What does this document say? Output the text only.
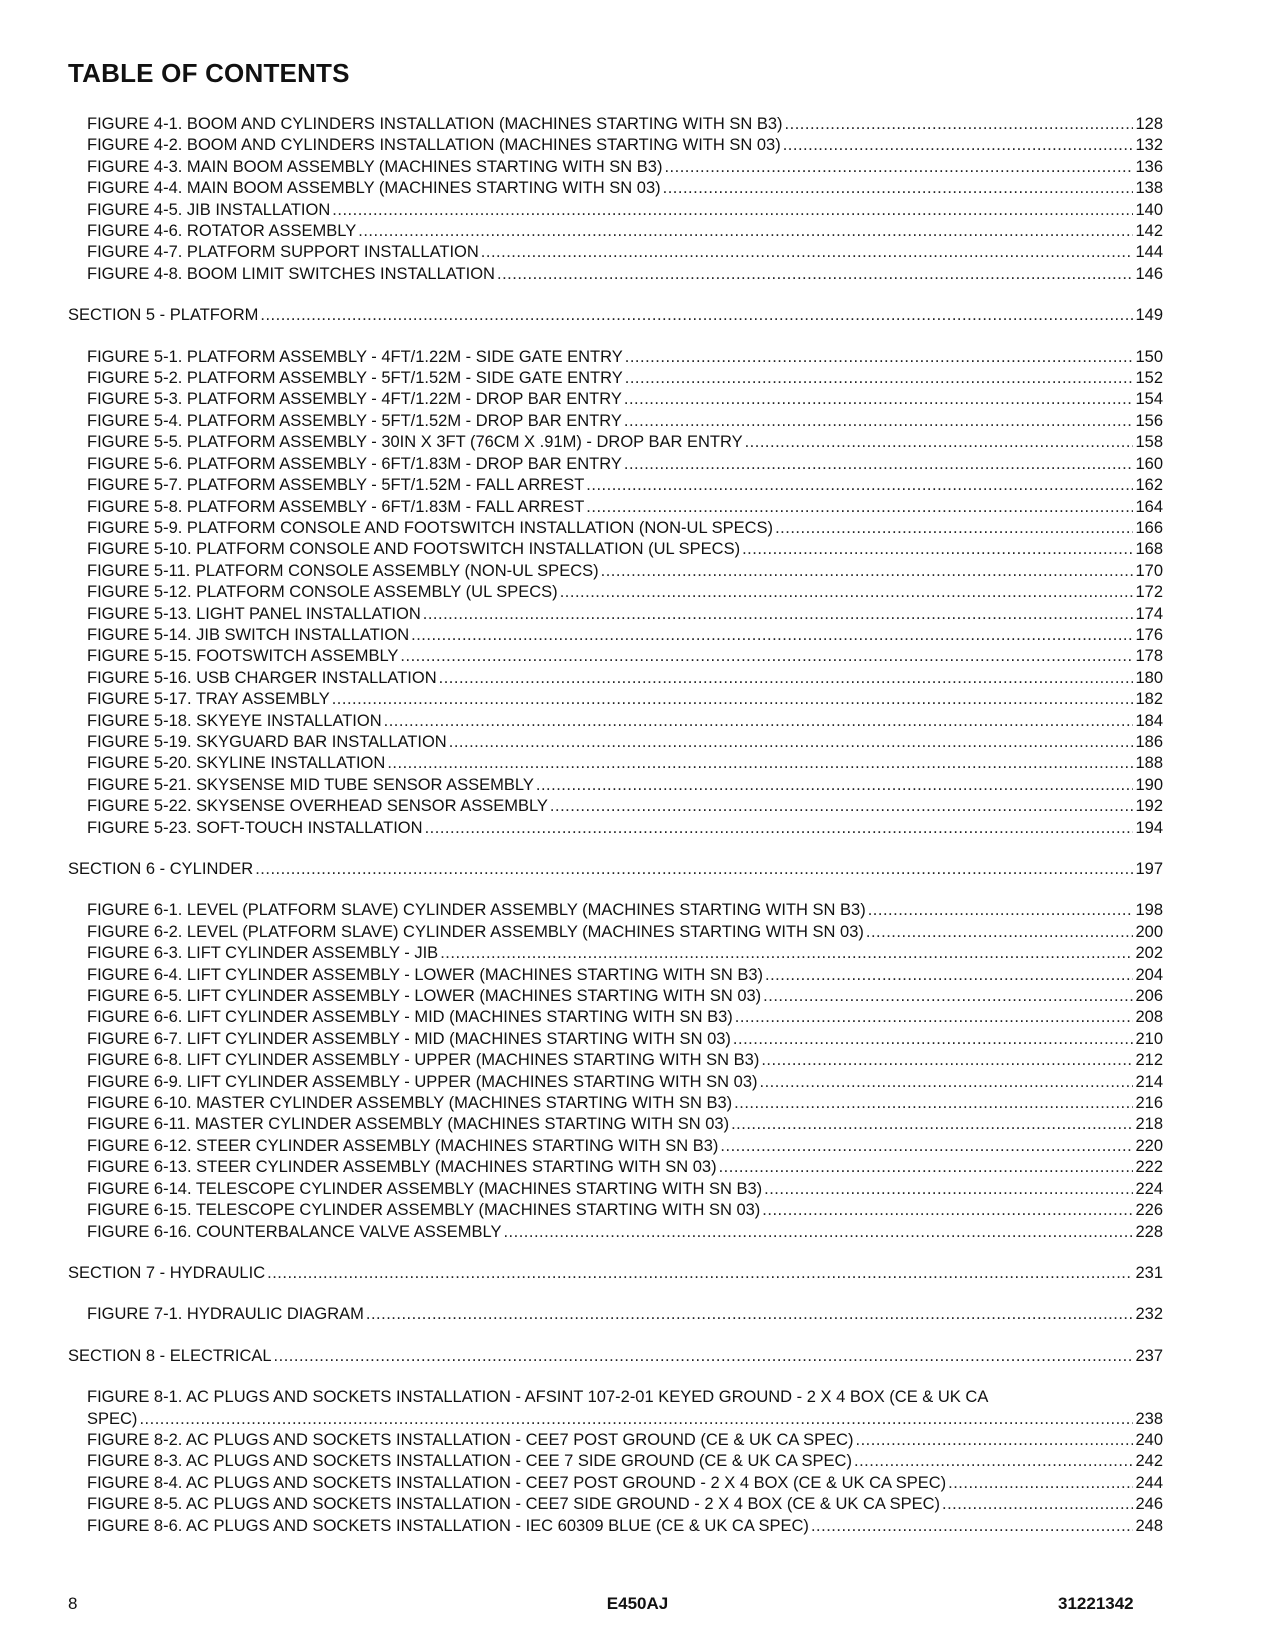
TABLE OF CONTENTS
FIGURE 4-1. BOOM AND CYLINDERS INSTALLATION (MACHINES STARTING WITH SN B3) .....	128
FIGURE 4-2. BOOM AND CYLINDERS INSTALLATION (MACHINES STARTING WITH SN 03) .....	132
FIGURE 4-3. MAIN BOOM ASSEMBLY (MACHINES STARTING WITH SN B3) .....	136
FIGURE 4-4. MAIN BOOM ASSEMBLY (MACHINES STARTING WITH SN 03) .....	138
FIGURE 4-5. JIB INSTALLATION .....	140
FIGURE 4-6. ROTATOR ASSEMBLY .....	142
FIGURE 4-7. PLATFORM SUPPORT INSTALLATION .....	144
FIGURE 4-8. BOOM LIMIT SWITCHES INSTALLATION .....	146
SECTION 5 - PLATFORM .....	149
FIGURE 5-1. PLATFORM ASSEMBLY - 4FT/1.22M - SIDE GATE ENTRY .....	150
FIGURE 5-2. PLATFORM ASSEMBLY - 5FT/1.52M - SIDE GATE ENTRY .....	152
FIGURE 5-3. PLATFORM ASSEMBLY - 4FT/1.22M - DROP BAR ENTRY .....	154
FIGURE 5-4. PLATFORM ASSEMBLY - 5FT/1.52M - DROP BAR ENTRY .....	156
FIGURE 5-5. PLATFORM ASSEMBLY - 30IN X 3FT (76CM X .91M) - DROP BAR ENTRY .....	158
FIGURE 5-6. PLATFORM ASSEMBLY - 6FT/1.83M - DROP BAR ENTRY .....	160
FIGURE 5-7. PLATFORM ASSEMBLY - 5FT/1.52M - FALL ARREST .....	162
FIGURE 5-8. PLATFORM ASSEMBLY - 6FT/1.83M - FALL ARREST .....	164
FIGURE 5-9. PLATFORM CONSOLE AND FOOTSWITCH INSTALLATION (NON-UL SPECS) .....	166
FIGURE 5-10. PLATFORM CONSOLE AND FOOTSWITCH INSTALLATION (UL SPECS) .....	168
FIGURE 5-11. PLATFORM CONSOLE ASSEMBLY (NON-UL SPECS) .....	170
FIGURE 5-12. PLATFORM CONSOLE ASSEMBLY (UL SPECS) .....	172
FIGURE 5-13. LIGHT PANEL INSTALLATION .....	174
FIGURE 5-14. JIB SWITCH INSTALLATION .....	176
FIGURE 5-15. FOOTSWITCH ASSEMBLY .....	178
FIGURE 5-16. USB CHARGER INSTALLATION .....	180
FIGURE 5-17. TRAY ASSEMBLY .....	182
FIGURE 5-18. SKYEYE INSTALLATION .....	184
FIGURE 5-19. SKYGUARD BAR INSTALLATION .....	186
FIGURE 5-20. SKYLINE INSTALLATION .....	188
FIGURE 5-21. SKYSENSE MID TUBE SENSOR ASSEMBLY .....	190
FIGURE 5-22. SKYSENSE OVERHEAD SENSOR ASSEMBLY .....	192
FIGURE 5-23. SOFT-TOUCH INSTALLATION .....	194
SECTION 6 - CYLINDER .....	197
FIGURE 6-1. LEVEL (PLATFORM SLAVE) CYLINDER ASSEMBLY (MACHINES STARTING WITH SN B3) .....	198
FIGURE 6-2. LEVEL (PLATFORM SLAVE) CYLINDER ASSEMBLY (MACHINES STARTING WITH SN 03) .....	200
FIGURE 6-3. LIFT CYLINDER ASSEMBLY - JIB .....	202
FIGURE 6-4. LIFT CYLINDER ASSEMBLY - LOWER (MACHINES STARTING WITH SN B3) .....	204
FIGURE 6-5. LIFT CYLINDER ASSEMBLY - LOWER (MACHINES STARTING WITH SN 03) .....	206
FIGURE 6-6. LIFT CYLINDER ASSEMBLY - MID (MACHINES STARTING WITH SN B3) .....	208
FIGURE 6-7. LIFT CYLINDER ASSEMBLY - MID (MACHINES STARTING WITH SN 03) .....	210
FIGURE 6-8. LIFT CYLINDER ASSEMBLY - UPPER (MACHINES STARTING WITH SN B3) .....	212
FIGURE 6-9. LIFT CYLINDER ASSEMBLY - UPPER (MACHINES STARTING WITH SN 03) .....	214
FIGURE 6-10. MASTER CYLINDER ASSEMBLY (MACHINES STARTING WITH SN B3) .....	216
FIGURE 6-11. MASTER CYLINDER ASSEMBLY (MACHINES STARTING WITH SN 03) .....	218
FIGURE 6-12. STEER CYLINDER ASSEMBLY (MACHINES STARTING WITH SN B3) .....	220
FIGURE 6-13. STEER CYLINDER ASSEMBLY (MACHINES STARTING WITH SN 03) .....	222
FIGURE 6-14. TELESCOPE CYLINDER ASSEMBLY (MACHINES STARTING WITH SN B3) .....	224
FIGURE 6-15. TELESCOPE CYLINDER ASSEMBLY (MACHINES STARTING WITH SN 03) .....	226
FIGURE 6-16. COUNTERBALANCE VALVE ASSEMBLY .....	228
SECTION 7 - HYDRAULIC .....	231
FIGURE 7-1. HYDRAULIC DIAGRAM .....	232
SECTION 8 - ELECTRICAL .....	237
FIGURE 8-1. AC PLUGS AND SOCKETS INSTALLATION - AFSINT 107-2-01 KEYED GROUND - 2 X 4 BOX (CE & UK CA
SPEC) .....	238
FIGURE 8-2. AC PLUGS AND SOCKETS INSTALLATION - CEE7 POST GROUND (CE & UK CA SPEC) .....	240
FIGURE 8-3. AC PLUGS AND SOCKETS INSTALLATION - CEE 7 SIDE GROUND (CE & UK CA SPEC) .....	242
FIGURE 8-4. AC PLUGS AND SOCKETS INSTALLATION - CEE7 POST GROUND - 2 X 4 BOX (CE & UK CA SPEC) .....	244
FIGURE 8-5. AC PLUGS AND SOCKETS INSTALLATION - CEE7 SIDE GROUND - 2 X 4 BOX (CE & UK CA SPEC) .....	246
FIGURE 8-6. AC PLUGS AND SOCKETS INSTALLATION - IEC 60309 BLUE (CE & UK CA SPEC) .....	248
8	E450AJ	31221342
